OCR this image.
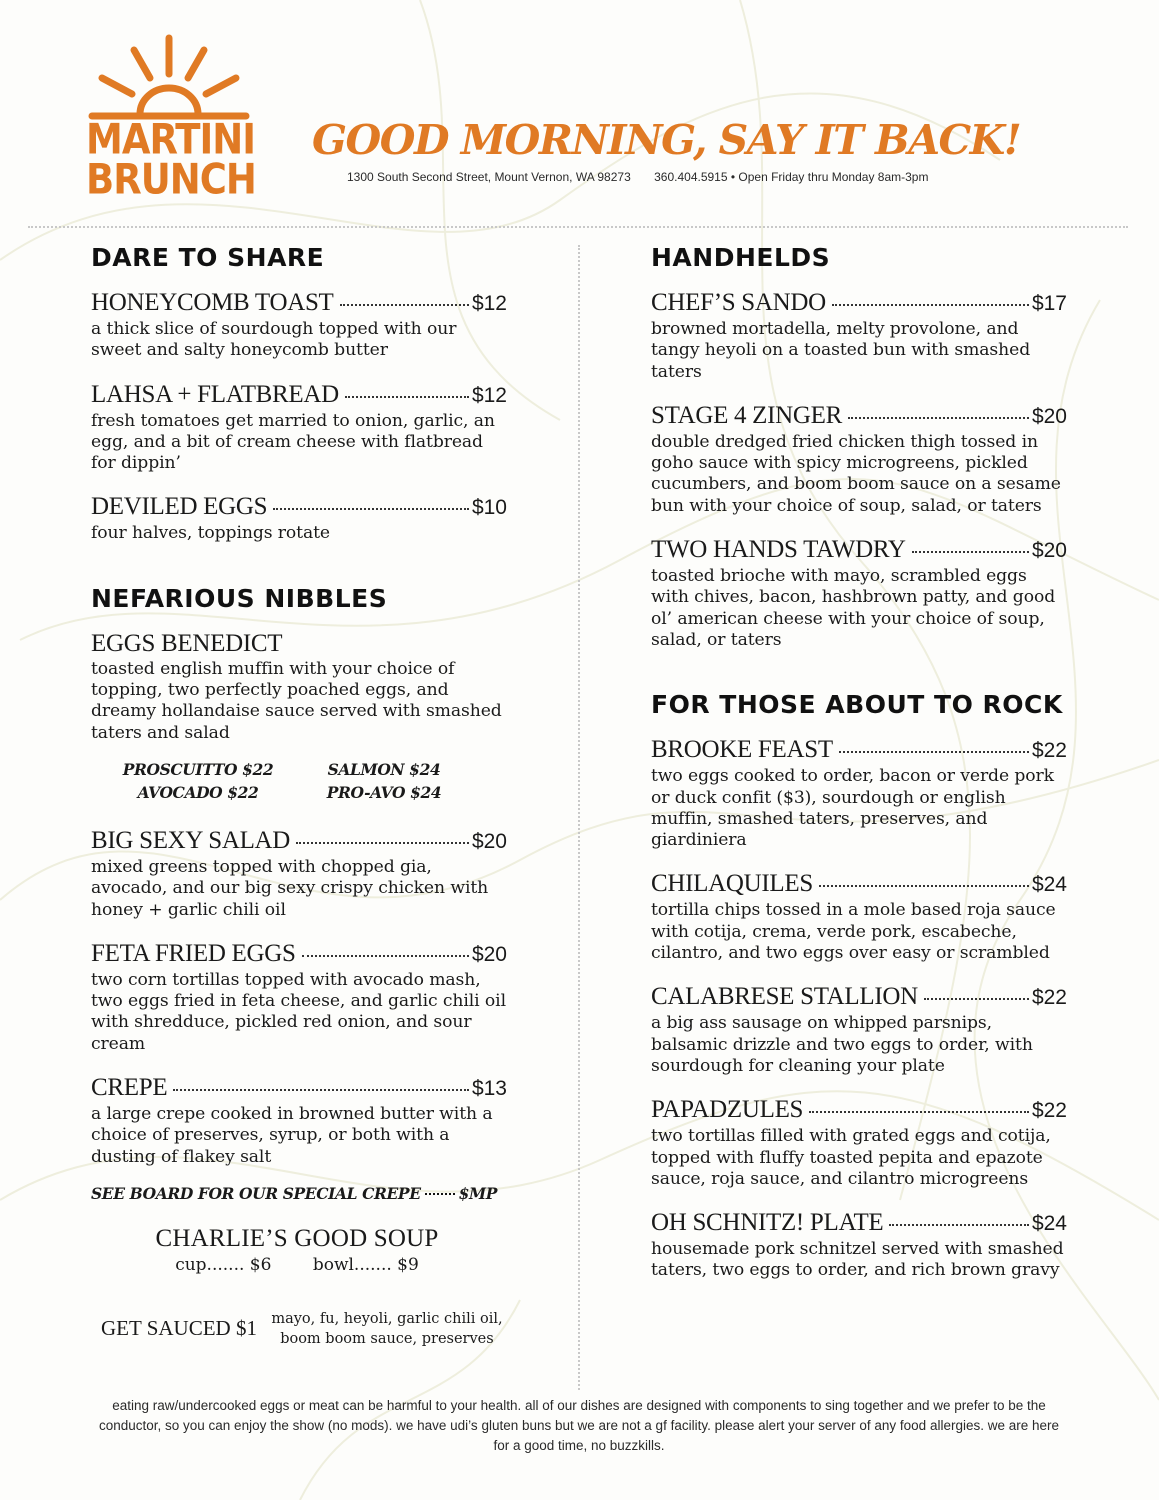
MARTINI
BRUNCH
GOOD MORNING, SAY IT BACK!
1300 South Second Street, Mount Vernon, WA 98273 360.404.5915 • Open Friday thru Monday 8am-3pm
DARE TO SHARE
HONEYCOMB TOAST	$12
a thick slice of sourdough topped with our sweet and salty honeycomb butter
LAHSA + FLATBREAD	$12
fresh tomatoes get married to onion, garlic, an egg, and a bit of cream cheese with flatbread for dippin’
DEVILED EGGS	$10
four halves, toppings rotate
NEFARIOUS NIBBLES
EGGS BENEDICT
toasted english muffin with your choice of topping, two perfectly poached eggs, and dreamy hollandaise sauce served with smashed taters and salad
PROSCUITTO $22	SALMON $24
AVOCADO $22	PRO-AVO $24
BIG SEXY SALAD	$20
mixed greens topped with chopped gia, avocado, and our big sexy crispy chicken with honey + garlic chili oil
FETA FRIED EGGS	$20
two corn tortillas topped with avocado mash, two eggs fried in feta cheese, and garlic chili oil with shredduce, pickled red onion, and sour cream
CREPE	$13
a large crepe cooked in browned butter with a choice of preserves, syrup, or both with a dusting of flakey salt
SEE BOARD FOR OUR SPECIAL CREPE $MP
CHARLIE’S GOOD SOUP
cup....... $6 bowl....... $9
GET SAUCED $1 mayo, fu, heyoli, garlic chili oil, boom boom sauce, preserves
HANDHELDS
CHEF’S SANDO	$17
browned mortadella, melty provolone, and tangy heyoli on a toasted bun with smashed taters
STAGE 4 ZINGER	$20
double dredged fried chicken thigh tossed in goho sauce with spicy microgreens, pickled cucumbers, and boom boom sauce on a sesame bun with your choice of soup, salad, or taters
TWO HANDS TAWDRY	$20
toasted brioche with mayo, scrambled eggs with chives, bacon, hashbrown patty, and good ol’ american cheese with your choice of soup, salad, or taters
FOR THOSE ABOUT TO ROCK
BROOKE FEAST	$22
two eggs cooked to order, bacon or verde pork or duck confit ($3), sourdough or english muffin, smashed taters, preserves, and giardiniera
CHILAQUILES	$24
tortilla chips tossed in a mole based roja sauce with cotija, crema, verde pork, escabeche, cilantro, and two eggs over easy or scrambled
CALABRESE STALLION	$22
a big ass sausage on whipped parsnips, balsamic drizzle and two eggs to order, with sourdough for cleaning your plate
PAPADZULES	$22
two tortillas filled with grated eggs and cotija, topped with fluffy toasted pepita and epazote sauce, roja sauce, and cilantro microgreens
OH SCHNITZ! PLATE	$24
housemade pork schnitzel served with smashed taters, two eggs to order, and rich brown gravy
eating raw/undercooked eggs or meat can be harmful to your health. all of our dishes are designed with components to sing together and we prefer to be the conductor, so you can enjoy the show (no mods). we have udi’s gluten buns but we are not a gf facility. please alert your server of any food allergies. we are here for a good time, no buzzkills.
